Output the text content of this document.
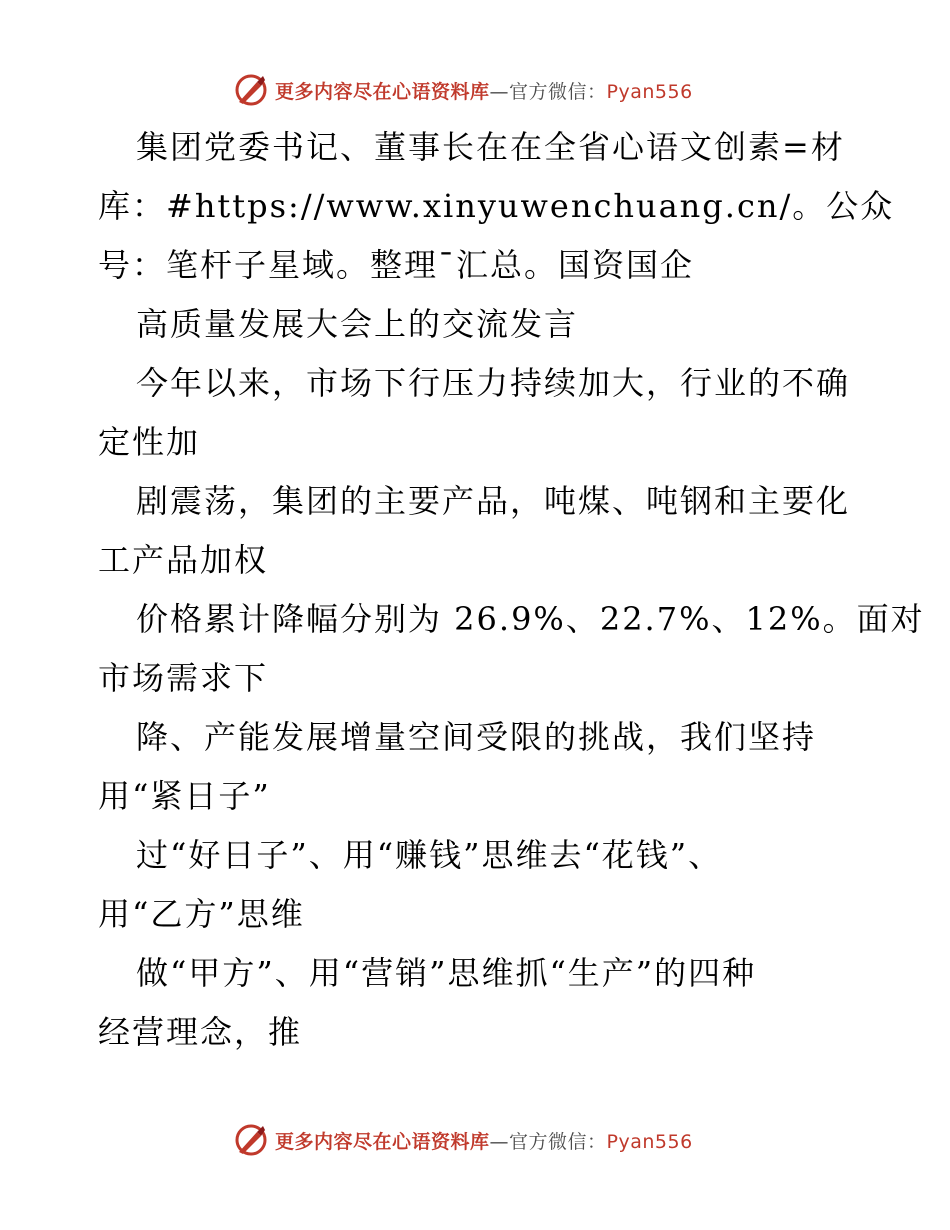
更多内容尽在心语资料库—官方微信：Pyan556
集团党委书记、董事长在在全省心语文创素=材
库：#https://www.xinyuwenchuang.cn/。公众
号：笔杆子星域。整理¯汇总。国资国企
高质量发展大会上的交流发言
今年以来，市场下行压力持续加大，行业的不确
定性加
剧震荡，集团的主要产品，吨煤、吨钢和主要化
工产品加权
价格累计降幅分别为 26.9%、22.7%、12%。面对
市场需求下
降、产能发展增量空间受限的挑战，我们坚持
用“紧日子”
过“好日子”、用“赚钱”思维去“花钱”、
用“乙方”思维
做“甲方”、用“营销”思维抓“生产”的四种
经营理念，推
更多内容尽在心语资料库—官方微信：Pyan556
